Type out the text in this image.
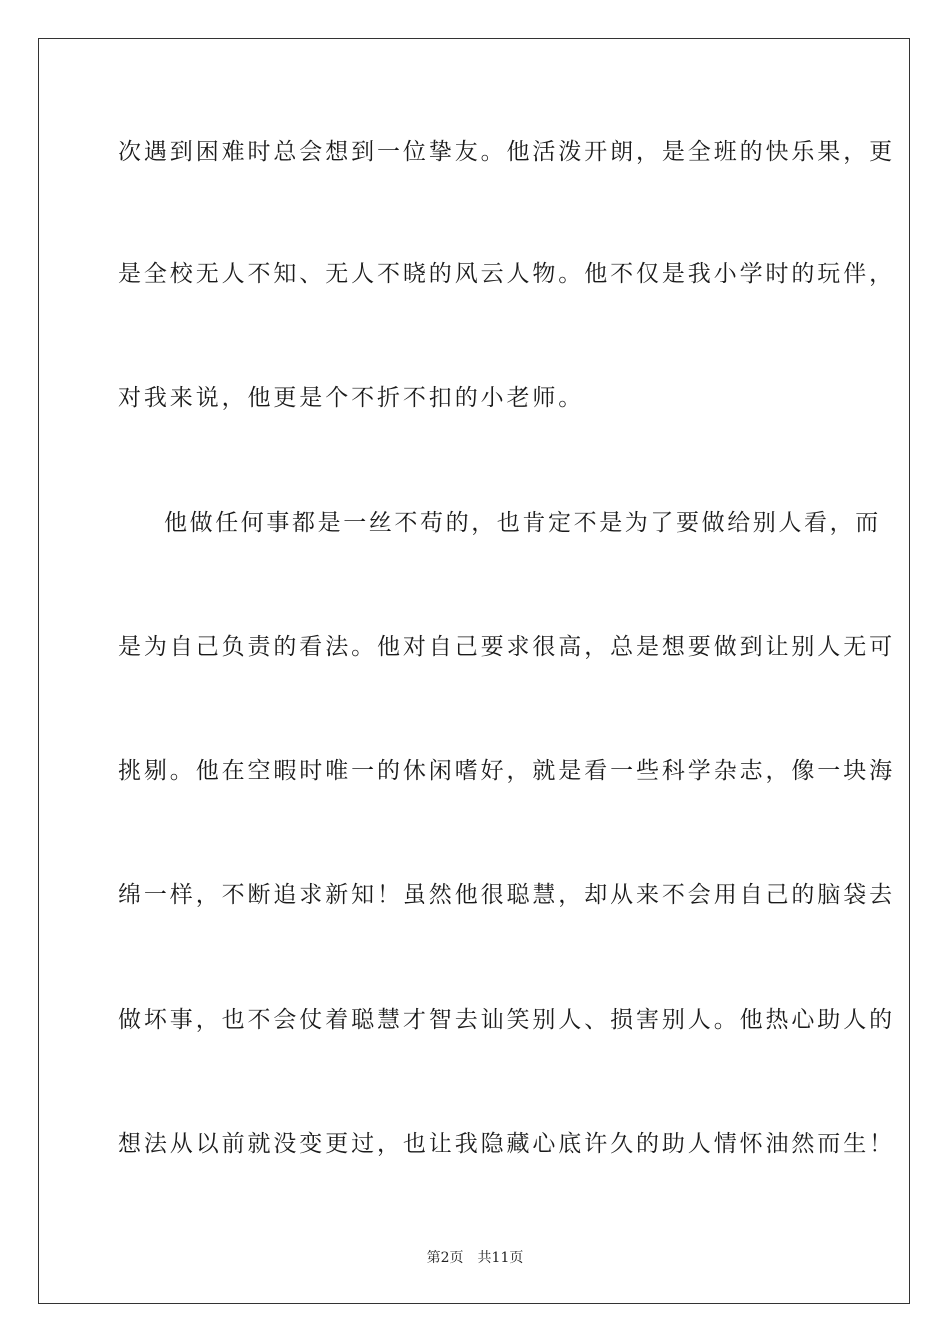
次遇到困难时总会想到一位挚友。他活泼开朗，是全班的快乐果，更
是全校无人不知、无人不晓的风云人物。他不仅是我小学时的玩伴，
对我来说，他更是个不折不扣的小老师。
他做任何事都是一丝不苟的，也肯定不是为了要做给别人看，而
是为自己负责的看法。他对自己要求很高，总是想要做到让别人无可
挑剔。他在空暇时唯一的休闲嗜好，就是看一些科学杂志，像一块海
绵一样，不断追求新知！虽然他很聪慧，却从来不会用自己的脑袋去
做坏事，也不会仗着聪慧才智去讪笑别人、损害别人。他热心助人的
想法从以前就没变更过，也让我隐藏心底许久的助人情怀油然而生！
第2页 共11页
